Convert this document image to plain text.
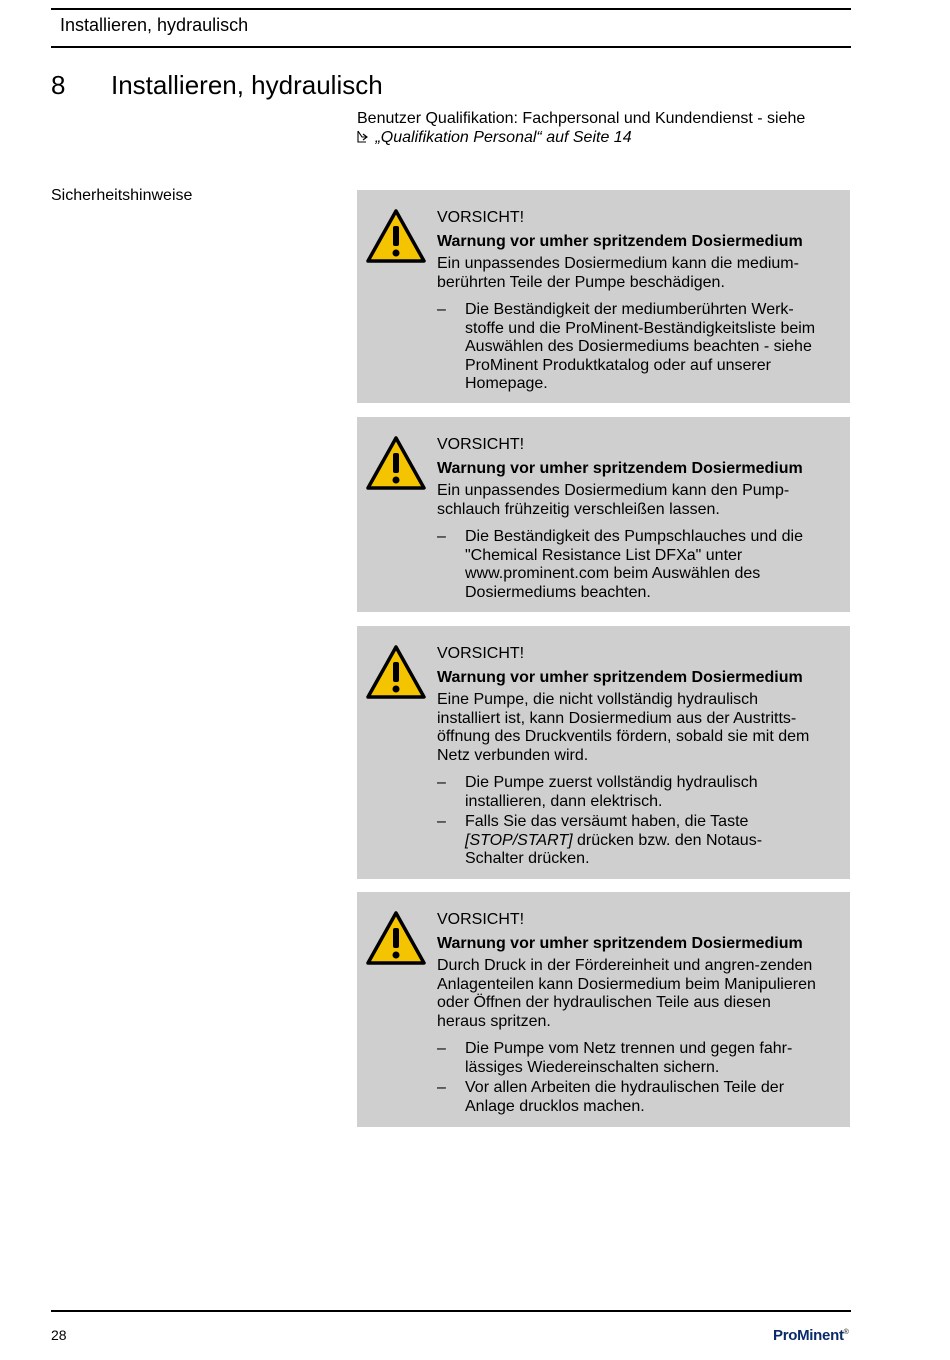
Installieren, hydraulisch
8 Installieren, hydraulisch
Benutzer Qualifikation: Fachpersonal und Kundendienst - siehe
„Qualifikation Personal“ auf Seite 14
Sicherheitshinweise
VORSICHT!
Warnung vor umher spritzendem Dosiermedium
Ein unpassendes Dosiermedium kann die medium-berührten Teile der Pumpe beschädigen.
– Die Beständigkeit der mediumberührten Werk-stoffe und die ProMinent-Beständigkeitsliste beim Auswählen des Dosiermediums beachten - siehe ProMinent Produktkatalog oder auf unserer Homepage.
VORSICHT!
Warnung vor umher spritzendem Dosiermedium
Ein unpassendes Dosiermedium kann den Pump-schlauch frühzeitig verschleißen lassen.
– Die Beständigkeit des Pumpschlauches und die "Chemical Resistance List DFXa" unter www.prominent.com beim Auswählen des Dosiermediums beachten.
VORSICHT!
Warnung vor umher spritzendem Dosiermedium
Eine Pumpe, die nicht vollständig hydraulisch installiert ist, kann Dosiermedium aus der Austritts-öffnung des Druckventils fördern, sobald sie mit dem Netz verbunden wird.
– Die Pumpe zuerst vollständig hydraulisch installieren, dann elektrisch.
– Falls Sie das versäumt haben, die Taste [STOP/START] drücken bzw. den Notaus-Schalter drücken.
VORSICHT!
Warnung vor umher spritzendem Dosiermedium
Durch Druck in der Fördereinheit und angren-zenden Anlagenteilen kann Dosiermedium beim Manipulieren oder Öffnen der hydraulischen Teile aus diesen heraus spritzen.
– Die Pumpe vom Netz trennen und gegen fahr-lässiges Wiedereinschalten sichern.
– Vor allen Arbeiten die hydraulischen Teile der Anlage drucklos machen.
28	ProMinent®
